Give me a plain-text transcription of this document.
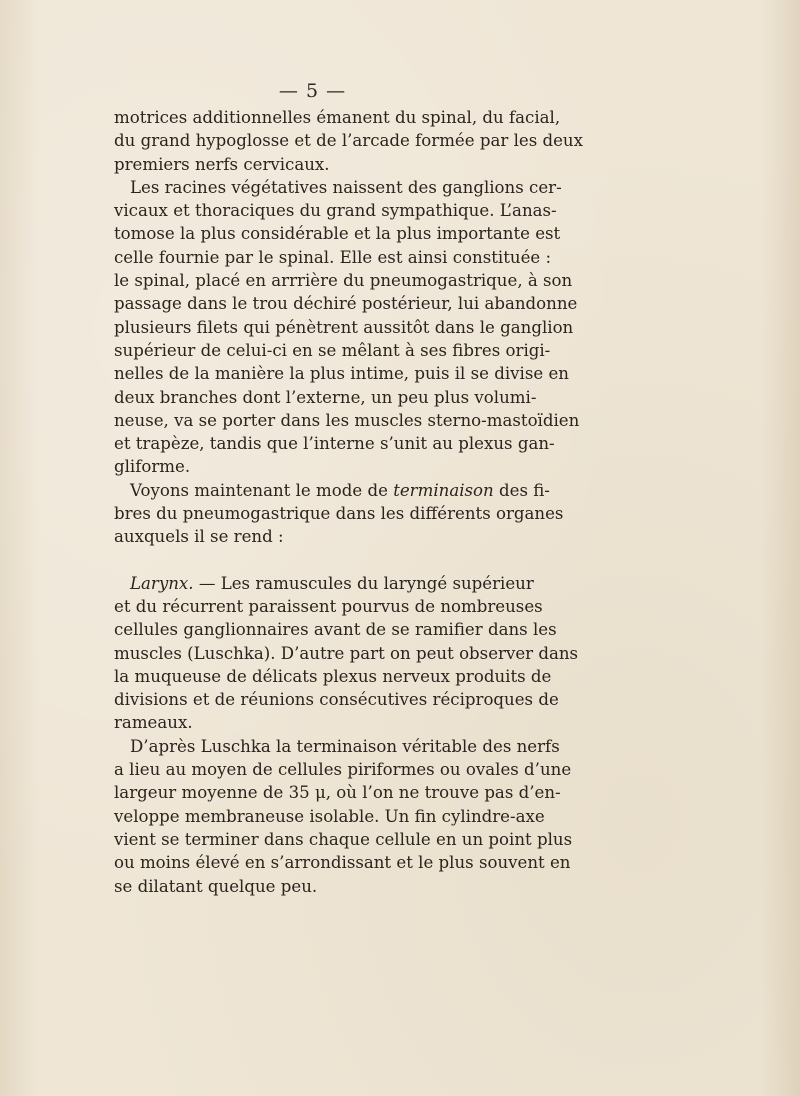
— 5 —
motrices additionnelles émanent du spinal, du facial,
du grand hypoglosse et de l’arcade formée par les deux
premiers nerfs cervicaux.
Les racines végétatives naissent des ganglions cer-
vicaux et thoraciques du grand sympathique. L’anas-
tomose la plus considérable et la plus importante est
celle fournie par le spinal. Elle est ainsi constituée :
le spinal, placé en arrrière du pneumogastrique, à son
passage dans le trou déchiré postérieur, lui abandonne
plusieurs filets qui pénètrent aussitôt dans le ganglion
supérieur de celui-ci en se mêlant à ses fibres origi-
nelles de la manière la plus intime, puis il se divise en
deux branches dont l’externe, un peu plus volumi-
neuse, va se porter dans les muscles sterno-mastoïdien
et trapèze, tandis que l’interne s’unit au plexus gan-
gliforme.
Voyons maintenant le mode de terminaison des fi-
bres du pneumogastrique dans les différents organes
auxquels il se rend :
Larynx. — Les ramuscules du laryngé supérieur
et du récurrent paraissent pourvus de nombreuses
cellules ganglionnaires avant de se ramifier dans les
muscles (Luschka). D’autre part on peut observer dans
la muqueuse de délicats plexus nerveux produits de
divisions et de réunions consécutives réciproques de
rameaux.
D’après Luschka la terminaison véritable des nerfs
a lieu au moyen de cellules piriformes ou ovales d’une
largeur moyenne de 35 μ, où l’on ne trouve pas d’en-
veloppe membraneuse isolable. Un fin cylindre-axe
vient se terminer dans chaque cellule en un point plus
ou moins élevé en s’arrondissant et le plus souvent en
se dilatant quelque peu.
